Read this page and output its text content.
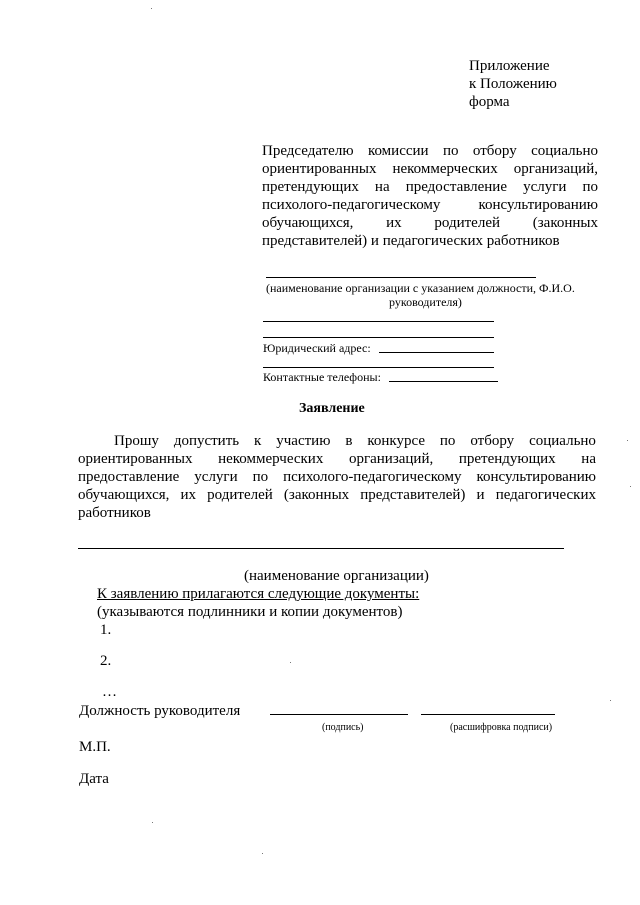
Приложение
к Положению
форма
Председателю комиссии по отбору социально
ориентированных некоммерческих организаций,
претендующих на предоставление услуги по
психолого-педагогическому	консультированию
обучающихся, их родителей (законных
представителей) и педагогических работников
(наименование организации с указанием должности, Ф.И.О.
руководителя)
Юридический адрес:
Контактные телефоны:
Заявление
Прошу допустить к участию в конкурсе по отбору социально
ориентированных некоммерческих организаций, претендующих на
предоставление услуги по психолого-педагогическому консультированию
обучающихся, их родителей (законных представителей) и педагогических
работников
(наименование организации)
К заявлению прилагаются следующие документы:
(указываются подлинники и копии документов)
1.
2.
…
Должность руководителя
(подпись)	(расшифровка подписи)
М.П.
Дата
